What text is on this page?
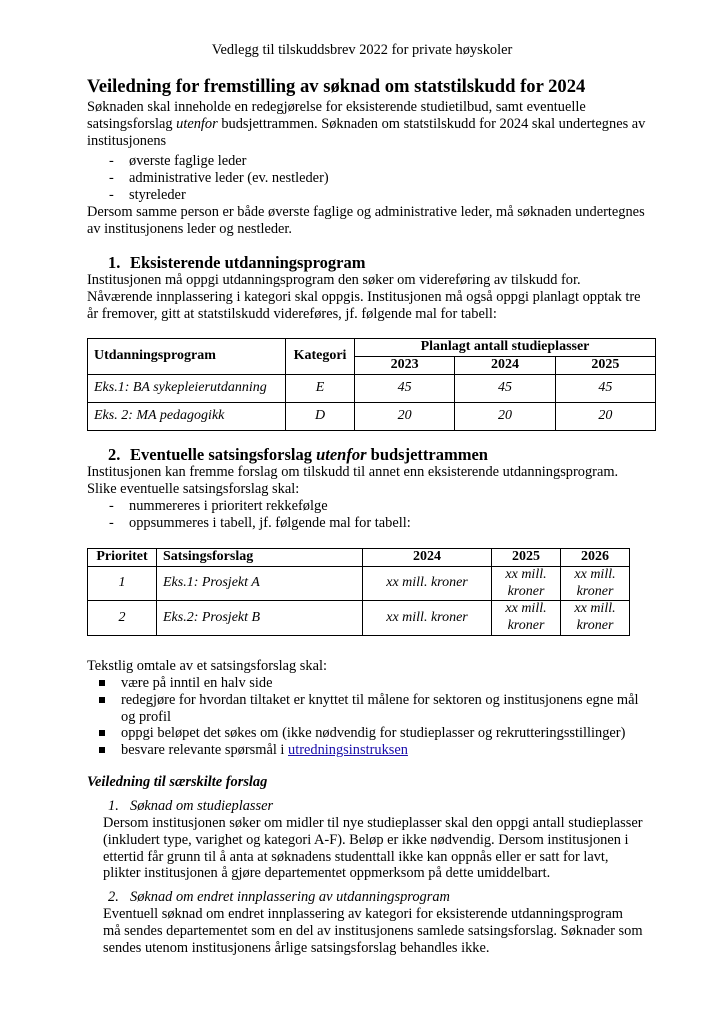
Vedlegg til tilskuddsbrev 2022 for private høyskoler
Veiledning for fremstilling av søknad om statstilskudd for 2024

Søknaden skal inneholde en redegjørelse for eksisterende studietilbud, samt eventuelle satsingsforslag utenfor budsjettrammen. Søknaden om statstilskudd for 2024 skal undertegnes av institusjonens

- øverste faglige leder
- administrative leder (ev. nestleder)
- styreleder

Dersom samme person er både øverste faglige og administrative leder, må søknaden undertegnes av institusjonens leder og nestleder.

1. Eksisterende utdanningsprogram

Institusjonen må oppgi utdanningsprogram den søker om videreføring av tilskudd for. Nåværende innplassering i kategori skal oppgis. Institusjonen må også oppgi planlagt opptak tre år fremover, gitt at statstilskudd videreføres, jf. følgende mal for tabell:

Utdanningsprogram	Kategori	Planlagt antall studieplasser		
		2023	2024	2025
Eks.1: BA sykepleierutdanning	E	45	45	45
Eks. 2: MA pedagogikk	D	20	20	20
2. Eventuelle satsingsforslag utenfor budsjettrammen

Institusjonen kan fremme forslag om tilskudd til annet enn eksisterende utdanningsprogram. Slike eventuelle satsingsforslag skal:

- nummereres i prioritert rekkefølge
- oppsummeres i tabell, jf. følgende mal for tabell:
Prioritet	Satsingsforslag	2024	2025	2026
1	Eks.1: Prosjekt A	xx mill. kroner	xx mill. kroner	xx mill. kroner
2	Eks.2: Prosjekt B	xx mill. kroner	xx mill. kroner	xx mill. kroner

Tekstlig omtale av et satsingsforslag skal:

være på inntil en halv side
redegjøre for hvordan tiltaket er knyttet til målene for sektoren og institusjonens egne mål og profil
oppgi beløpet det søkes om (ikke nødvendig for studieplasser og rekrutteringsstillinger)
besvare relevante spørsmål i utredningsinstruksen

Veiledning til særskilte forslag

1. Søknad om studieplasser

Dersom institusjonen søker om midler til nye studieplasser skal den oppgi antall studieplasser (inkludert type, varighet og kategori A-F). Beløp er ikke nødvendig. Dersom institusjonen i ettertid får grunn til å anta at søknadens studenttall ikke kan oppnås eller er satt for lavt, plikter institusjonen å gjøre departementet oppmerksom på dette umiddelbart.

2. Søknad om endret innplassering av utdanningsprogram

Eventuell søknad om endret innplassering av kategori for eksisterende utdanningsprogram må sendes departementet som en del av institusjonens samlede satsingsforslag. Søknader som sendes utenom institusjonens årlige satsingsforslag behandles ikke.
